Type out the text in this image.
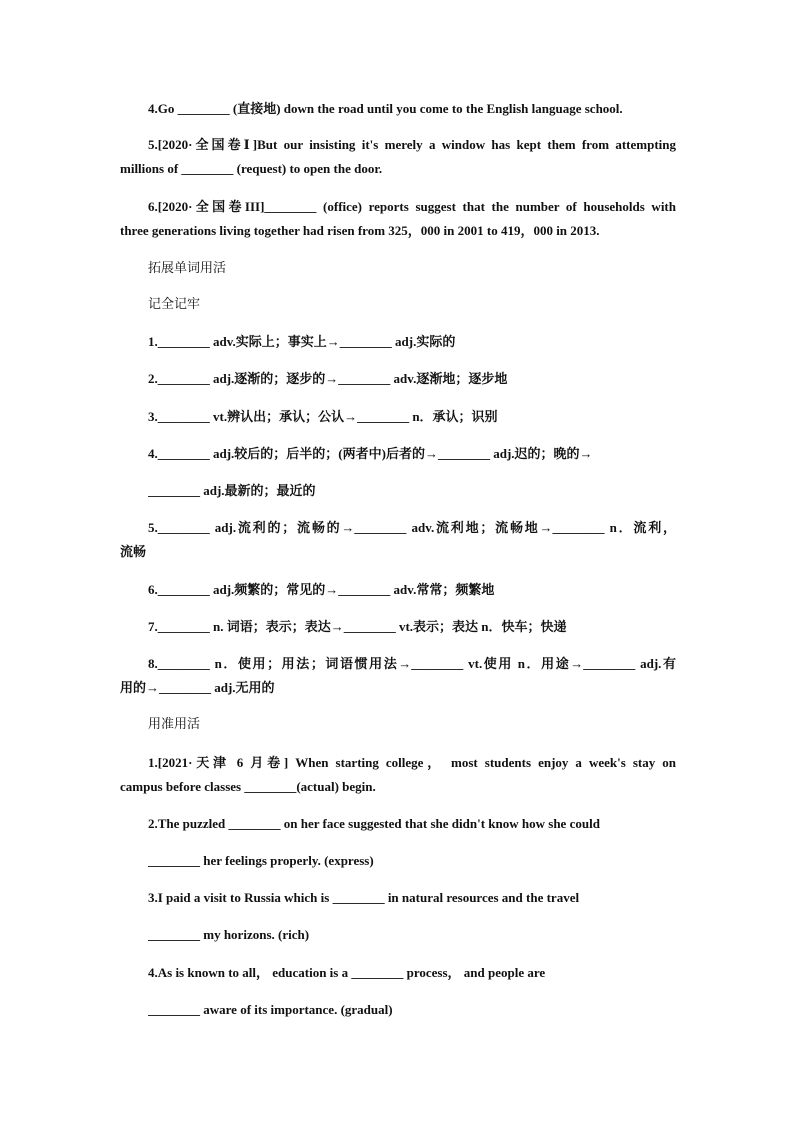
4.Go ________ (直接地) down the road until you come to the English language school.
5.[2020·全国卷Ⅰ]But our insisting it's merely a window has kept them from attempting
millions of ________ (request) to open the door.
6.[2020·全国卷III]________ (office) reports suggest that the number of households with
three generations living together had risen from 325，000 in 2001 to 419，000 in 2013.
拓展单词用活
记全记牢
1.________ adv.实际上；事实上→________ adj.实际的
2.________ adj.逐渐的；逐步的→________ adv.逐渐地；逐步地
3.________ vt.辨认出；承认；公认→________ n．承认；识别
4.________ adj.较后的；后半的；(两者中)后者的→________ adj.迟的；晚的→
________ adj.最新的；最近的
5.________ adj.流利的；流畅的→________ adv.流利地；流畅地→________ n．流利，
流畅
6.________ adj.频繁的；常见的→________ adv.常常；频繁地
7.________ n. 词语；表示；表达→________ vt.表示；表达 n．快车；快递
8.________ n．使用；用法；词语惯用法→________ vt.使用 n．用途→________ adj.有
用的→________ adj.无用的
用准用活
1.[2021·天津 6 月卷] When starting college， most students enjoy a week's stay on
campus before classes ________(actual) begin.
2.The puzzled ________ on her face suggested that she didn't know how she could
________ her feelings properly. (express)
3.I paid a visit to Russia which is ________ in natural resources and the travel
________ my horizons. (rich)
4.As is known to all， education is a ________ process， and people are
________ aware of its importance. (gradual)
